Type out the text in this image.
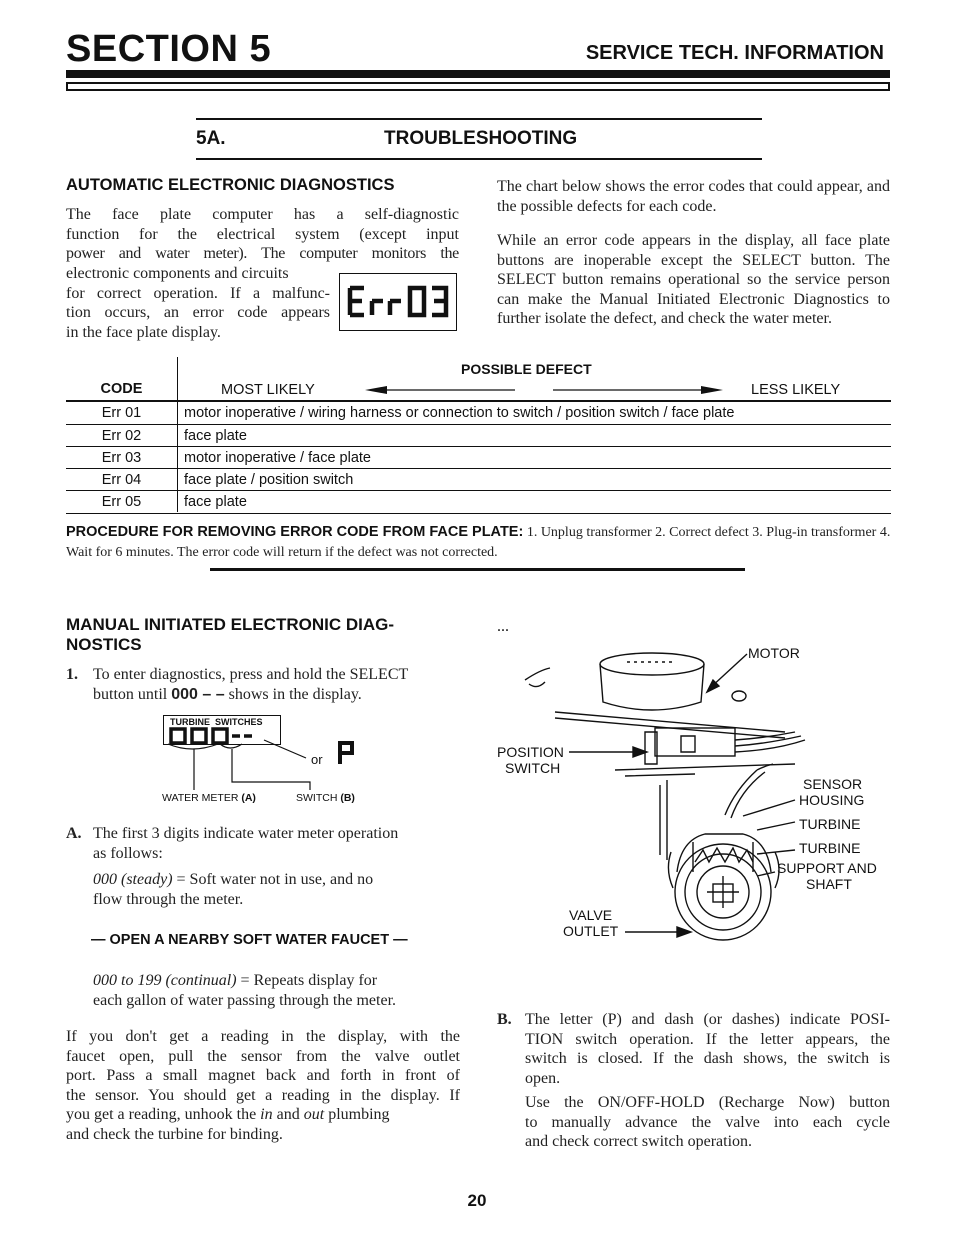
SECTION 5	SERVICE TECH. INFORMATION
5A.	TROUBLESHOOTING
AUTOMATIC ELECTRONIC DIAGNOSTICS
The face plate computer has a self-diagnostic
function for the electrical system (except input
power and water meter). The computer monitors the
electronic components and circuits
for correct operation. If a malfunc-
tion occurs, an error code appears
in the face plate display.
The chart below shows the error codes that could appear, and the possible defects for each code.
While an error code appears in the display, all face plate buttons are inoperable except the SELECT button. The SELECT button remains operational so the service person can make the Manual Initiated Electronic Diagnostics to further isolate the defect, and check the water meter.
POSSIBLE DEFECT
CODE	MOST LIKELY	LESS LIKELY
Err 01	motor inoperative / wiring harness or connection to switch / position switch / face plate
Err 02	face plate
Err 03	motor inoperative / face plate
Err 04	face plate / position switch
Err 05	face plate
PROCEDURE FOR REMOVING ERROR CODE FROM FACE PLATE: 1. Unplug transformer 2. Correct defect 3. Plug-in transformer 4. Wait for 6 minutes. The error code will return if the defect was not corrected.
MANUAL INITIATED ELECTRONIC DIAG-
NOSTICS
...
1. To enter diagnostics, press and hold the SELECT
button until 000 – – shows in the display.
TURBINE SWITCHES
or
WATER METER (A)	SWITCH (B)
A. The first 3 digits indicate water meter operation
as follows:
000 (steady) = Soft water not in use, and no
flow through the meter.
— OPEN A NEARBY SOFT WATER FAUCET —
000 to 199 (continual) = Repeats display for
each gallon of water passing through the meter.
If you don't get a reading in the display, with the
faucet open, pull the sensor from the valve outlet
port. Pass a small magnet back and forth in front of
the sensor. You should get a reading in the display. If
you get a reading, unhook the in and out plumbing
and check the turbine for binding.
MOTOR
POSITION
SWITCH
SENSOR
HOUSING
TURBINE
TURBINE
SUPPORT AND
SHAFT
VALVE
OUTLET
B. The letter (P) and dash (or dashes) indicate POSI-
TION switch operation. If the letter appears, the
switch is closed. If the dash shows, the switch is
open.
Use the ON/OFF-HOLD (Recharge Now) button
to manually advance the valve into each cycle
and check correct switch operation.
20
